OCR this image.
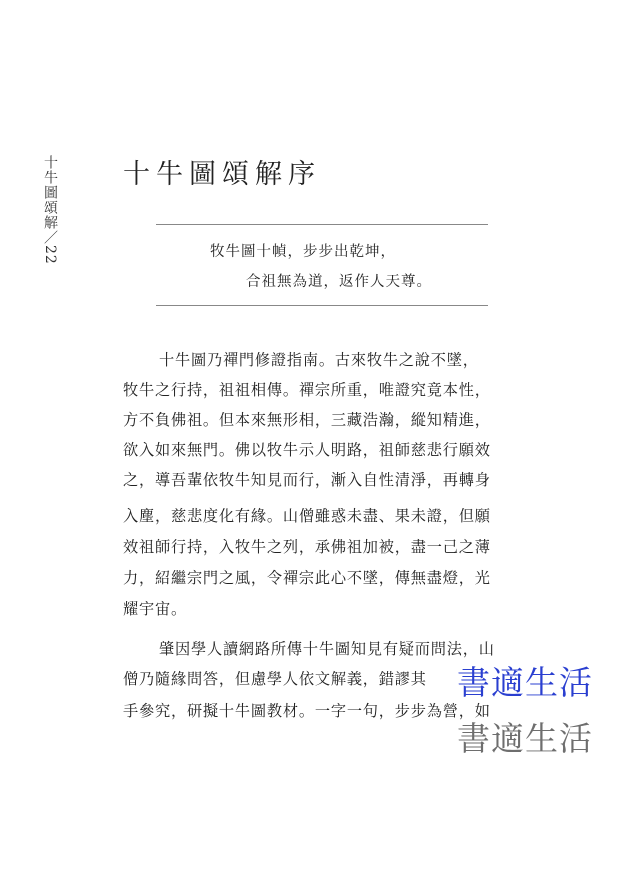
十牛圖頌解／22 十牛圖頌解序
牧牛圖十幀，步步出乾坤，
合祖無為道，返作人天尊。
十牛圖乃禪門修證指南。古來牧牛之說不墜，
牧牛之行持，祖祖相傳。禪宗所重，唯證究竟本性，
方不負佛祖。但本來無形相，三藏浩瀚，縱知精進，
欲入如來無門。佛以牧牛示人明路，祖師慈悲行願效
之，導吾輩依牧牛知見而行，漸入自性清淨，再轉身
入塵，慈悲度化有緣。山僧雖惑未盡、果未證，但願
效祖師行持，入牧牛之列，承佛祖加被，盡一己之薄
力，紹繼宗門之風，令禪宗此心不墜，傳無盡燈，光
耀宇宙。
肇因學人讀網路所傳十牛圖知見有疑而問法，山
僧乃隨緣問答，但慮學人依文解義，錯謬其
手參究，研擬十牛圖教材。一字一句，步步為營，如
書適生活
書適生活
